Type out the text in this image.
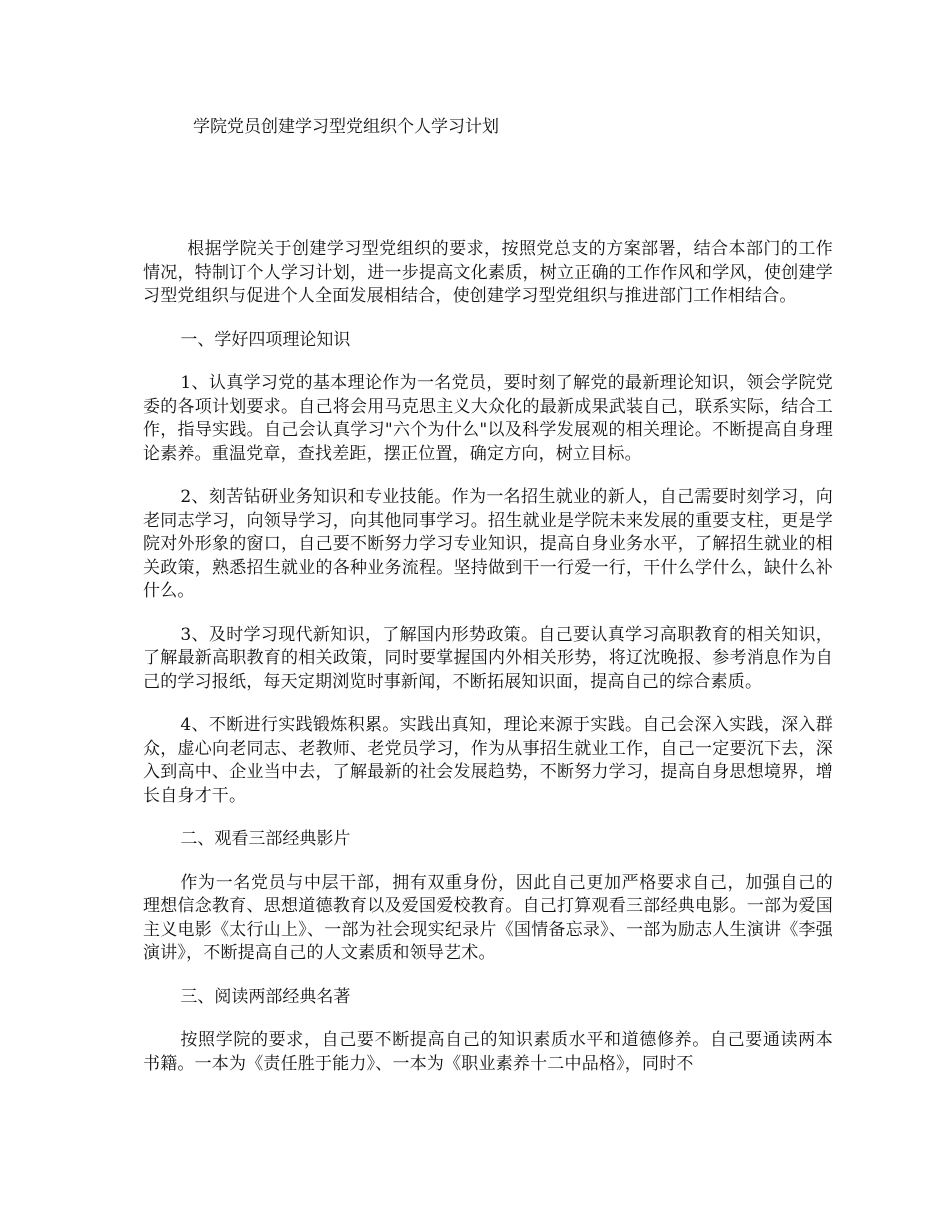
学院党员创建学习型党组织个人学习计划

根据学院关于创建学习型党组织的要求，按照党总支的方案部署，结合本部门的工作情况，特制订个人学习计划，进一步提高文化素质，树立正确的工作作风和学风，使创建学习型党组织与促进个人全面发展相结合，使创建学习型党组织与推进部门工作相结合。

一、学好四项理论知识

1、认真学习党的基本理论作为一名党员，要时刻了解党的最新理论知识，领会学院党委的各项计划要求。自己将会用马克思主义大众化的最新成果武装自己，联系实际，结合工作，指导实践。自己会认真学习"六个为什么"以及科学发展观的相关理论。不断提高自身理论素养。重温党章，查找差距，摆正位置，确定方向，树立目标。

2、刻苦钻研业务知识和专业技能。作为一名招生就业的新人，自己需要时刻学习，向老同志学习，向领导学习，向其他同事学习。招生就业是学院未来发展的重要支柱，更是学院对外形象的窗口，自己要不断努力学习专业知识，提高自身业务水平，了解招生就业的相关政策，熟悉招生就业的各种业务流程。坚持做到干一行爱一行，干什么学什么，缺什么补什么。

3、及时学习现代新知识，了解国内形势政策。自己要认真学习高职教育的相关知识，了解最新高职教育的相关政策，同时要掌握国内外相关形势，将辽沈晚报、参考消息作为自己的学习报纸，每天定期浏览时事新闻，不断拓展知识面，提高自己的综合素质。

4、不断进行实践锻炼积累。实践出真知，理论来源于实践。自己会深入实践，深入群众，虚心向老同志、老教师、老党员学习，作为从事招生就业工作，自己一定要沉下去，深入到高中、企业当中去，了解最新的社会发展趋势，不断努力学习，提高自身思想境界，增长自身才干。

二、观看三部经典影片

作为一名党员与中层干部，拥有双重身份，因此自己更加严格要求自己，加强自己的理想信念教育、思想道德教育以及爱国爱校教育。自己打算观看三部经典电影。一部为爱国主义电影《太行山上》、一部为社会现实纪录片《国情备忘录》、一部为励志人生演讲《李强演讲》，不断提高自己的人文素质和领导艺术。

三、阅读两部经典名著

按照学院的要求，自己要不断提高自己的知识素质水平和道德修养。自己要通读两本书籍。一本为《责任胜于能力》、一本为《职业素养十二中品格》，同时不
